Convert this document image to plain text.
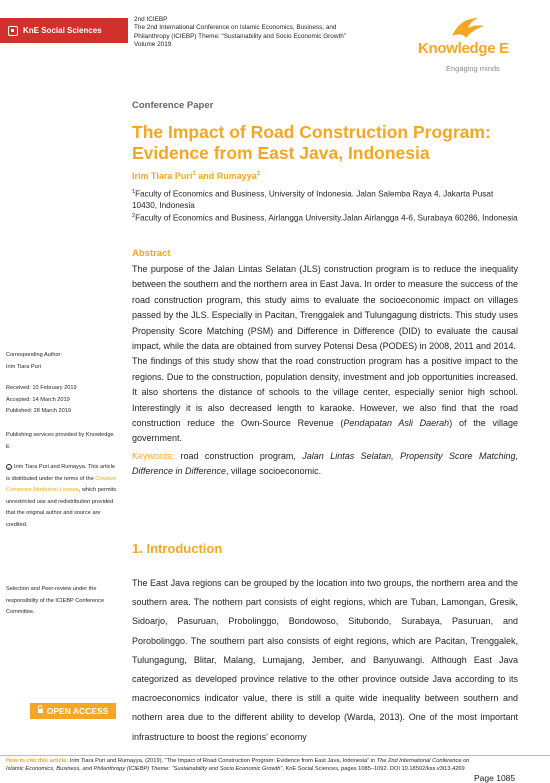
KnE Social Sciences
2nd ICIEBP
The 2nd International Conference on Islamic Economics, Business, and
Philanthropy (ICIEBP) Theme: “Sustainability and Socio Economic Growth”
Volume 2019	Knowledge E
Engaging minds
Conference Paper
The Impact of Road Construction Program:
Evidence from East Java, Indonesia
Irim Tiara Puri$^1$ and Rumayya$^2$
$^1$Faculty of Economics and Business, University of Indonesia. Jalan Salemba Raya 4, Jakarta Pusat 10430, Indonesia
$^2$Faculty of Economics and Business, Airlangga University.Jalan Airlangga 4-6, Surabaya 60286, Indonesia
Abstract
The purpose of the Jalan Lintas Selatan (JLS) construction program is to reduce the inequality between the southern and the northern area in East Java. In order to measure the success of the road construction program, this study aims to evaluate the socioeconomic impact on villages passed by the JLS. Especially in Pacitan, Trenggalek and Tulungagung districts. This study uses Propensity Score Matching (PSM) and Difference in Difference (DID) to evaluate the causal impact, while the data are obtained from survey Potensi Desa (PODES) in 2008, 2011 and 2014.
The findings of this study show that the road construction program has a positive impact to the regions. Due to the construction, population density, investment and job opportunities increased. It also shortens the distance of schools to the village center, especially senior high school. Interestingly it is also decreased length to karaoke. However, we also find that the road construction reduce the Own-Source Revenue (Pendapatan Asli Daerah) of the village government.
Keywords: road construction program, Jalan Lintas Selatan, Propensity Score Matching, Difference in Difference, village socioeconomic.
Corresponding Author:
Irim Tiara Puri
Received: 10 February 2019
Accepted: 14 March 2019
Published: 28 March 2019
Publishing services provided by Knowledge E
c Irim Tiara Puri and Rumayya. This article is distributed under the terms of the Creative Commons Attribution License, which permits unrestricted use and redistribution provided that the original author and source are credited.
Selection and Peer-review under the responsibility of the ICIEBP Conference Committee.
OPEN ACCESS
1. Introduction
The East Java regions can be grouped by the location into two groups, the northern area and the southern area. The nothern part consists of eight regions, which are Tuban, Lamongan, Gresik, Sidoarjo, Pasuruan, Probolinggo, Bondowoso, Situbondo, Surabaya, Pasuruan, and Porobolinggo. The southern part also consists of eight regions, which are Pacitan, Trenggalek, Tulungagung, Blitar, Malang, Lumajang, Jember, and Banyuwangi. Although East Java categorized as developed province relative to the other province outside Java according to its macroeconomics indicator value, there is still a quite wide inequality between southern and nothern area due to the different ability to develop (Warda, 2013). One of the most important infrastructure to boost the regions' economy
How to cite this article: Irim Tiara Puri and Rumayya, (2019), “The Impact of Road Construction Program: Evidence from East Java, Indonesia” in The 2nd International Conference on Islamic Economics, Business, and Philanthropy (ICIEBP) Theme: “Sustainability and Socio Economic Growth”, KnE Social Sciences, pages 1085–1092. DOI 10.18502/kss.v3i13.4269
Page 1085
